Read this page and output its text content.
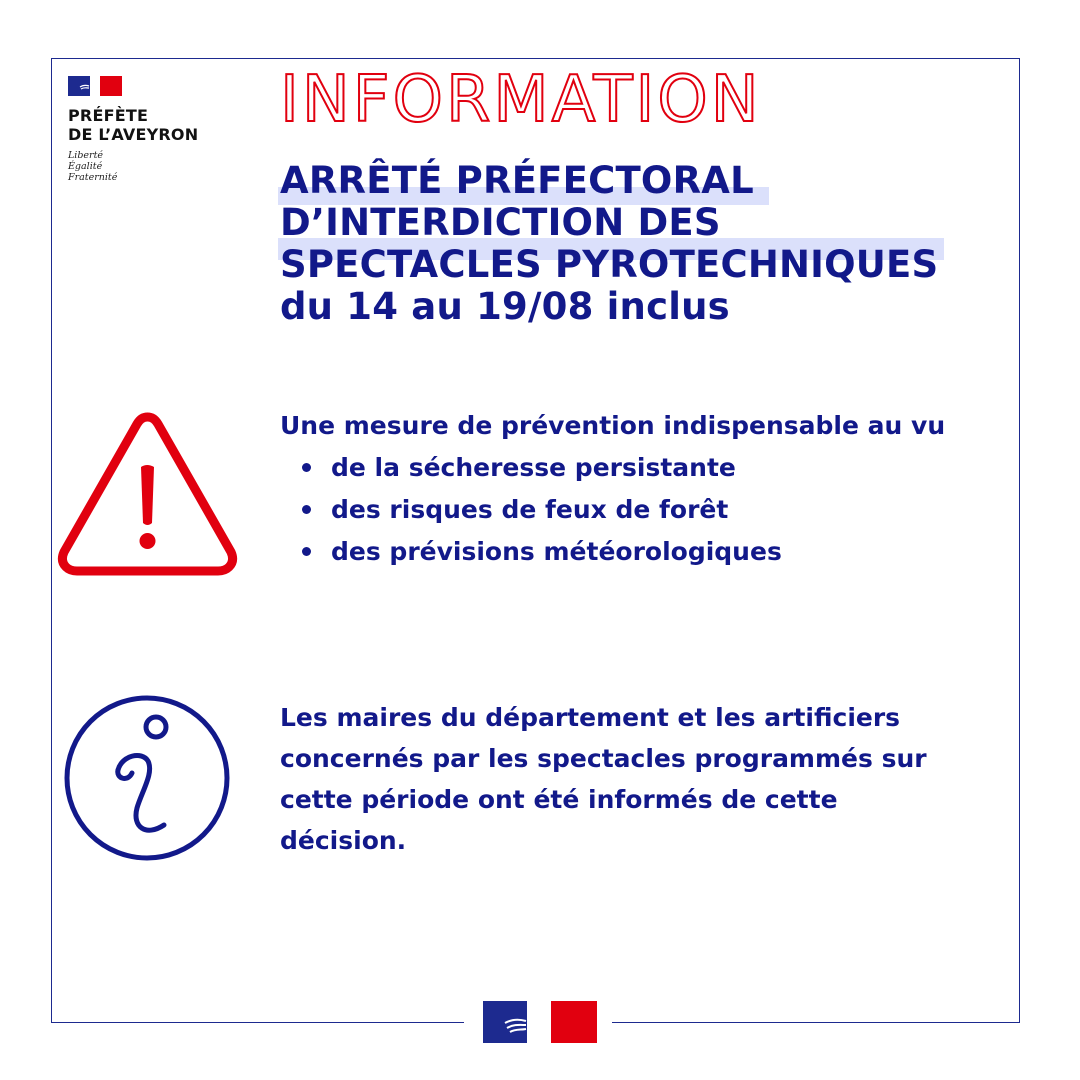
PRÉFÈTE
DE L’AVEYRON
Liberté
Égalité
Fraternité
INFORMATION
ARRÊTÉ PRÉFECTORAL
D’INTERDICTION DES
SPECTACLES PYROTECHNIQUES
du 14 au 19/08 inclus

Une mesure de prévention indispensable au vu

de la sécheresse persistante
des risques de feux de forêt
des prévisions météorologiques

Les maires du département et les artificiers
concernés par les spectacles programmés sur
cette période ont été informés de cette
décision.
